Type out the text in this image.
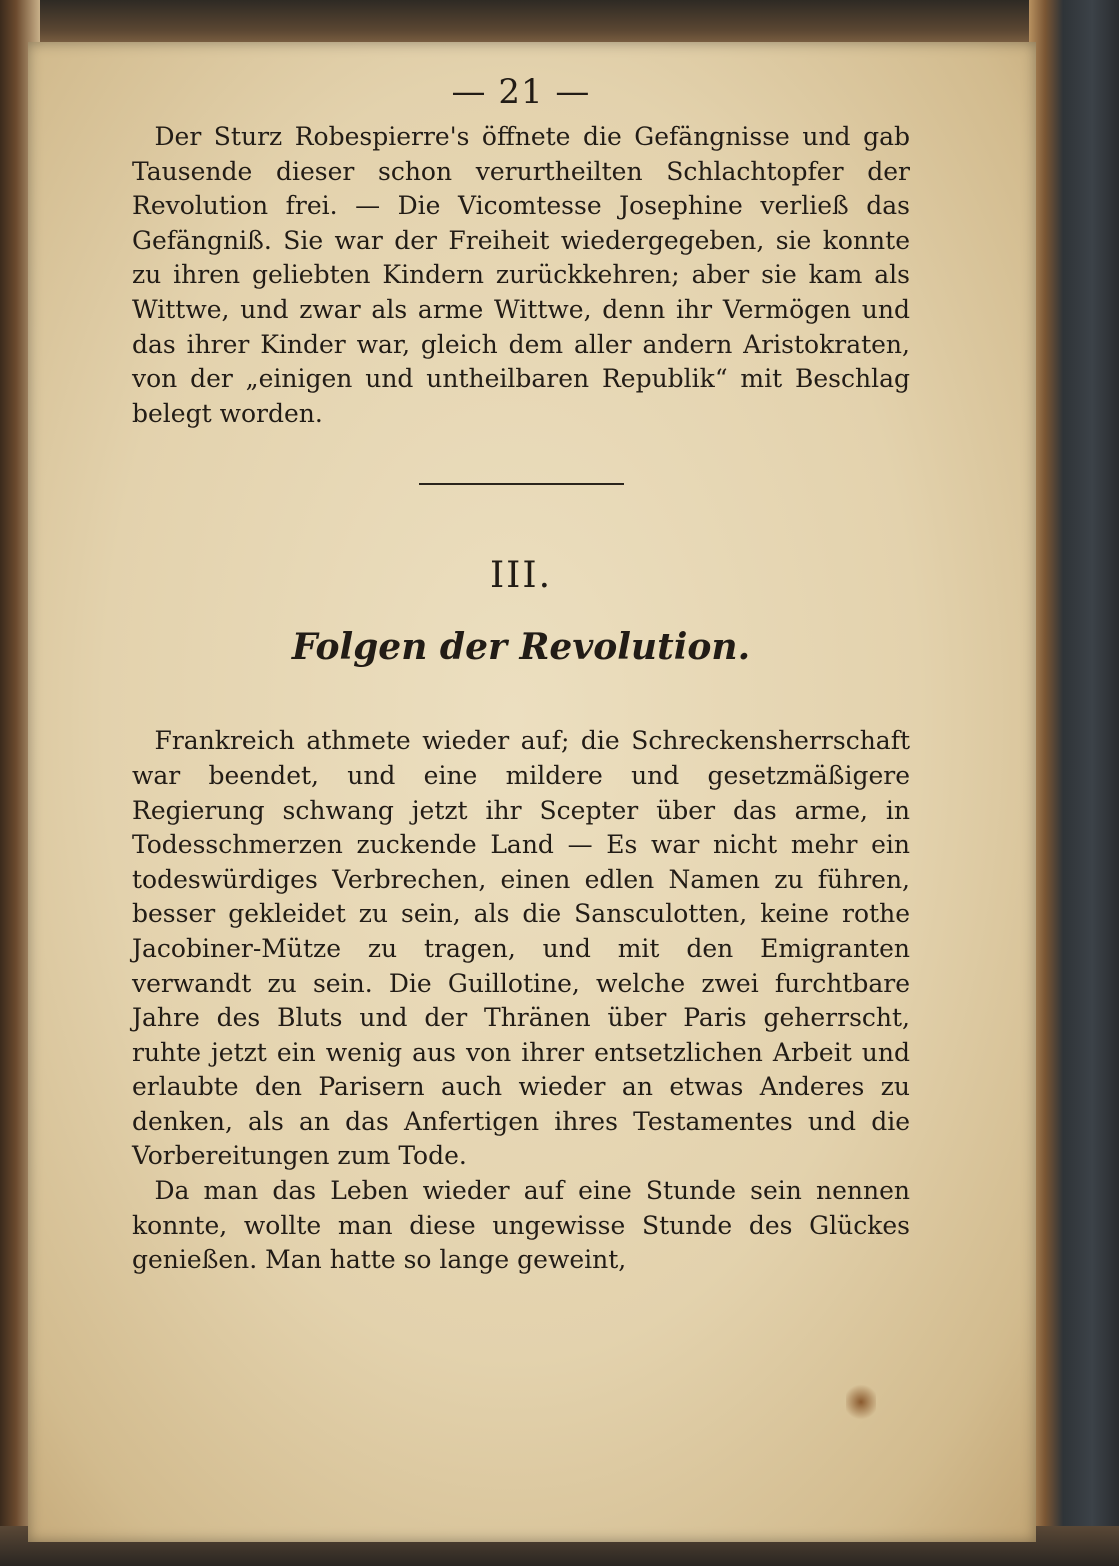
— 21 —

Der Sturz Robespierre's öffnete die Gefängnisse und gab Tausende dieser schon verurtheilten Schlachtopfer der Revolution frei. — Die Vicomtesse Josephine verließ das Gefängniß. Sie war der Freiheit wiedergegeben, sie konnte zu ihren geliebten Kindern zurückkehren; aber sie kam als Wittwe, und zwar als arme Wittwe, denn ihr Vermögen und das ihrer Kinder war, gleich dem aller andern Aristokraten, von der „einigen und untheilbaren Republik“ mit Beschlag belegt worden.

III.
Folgen der Revolution.

Frankreich athmete wieder auf; die Schreckensherrschaft war beendet, und eine mildere und gesetzmäßigere Regierung schwang jetzt ihr Scepter über das arme, in Todesschmerzen zuckende Land — Es war nicht mehr ein todeswürdiges Verbrechen, einen edlen Namen zu führen, besser gekleidet zu sein, als die Sansculotten, keine rothe Jacobiner-Mütze zu tragen, und mit den Emigranten verwandt zu sein. Die Guillotine, welche zwei furchtbare Jahre des Bluts und der Thränen über Paris geherrscht, ruhte jetzt ein wenig aus von ihrer entsetzlichen Arbeit und erlaubte den Parisern auch wieder an etwas Anderes zu denken, als an das Anfertigen ihres Testamentes und die Vorbereitungen zum Tode.

Da man das Leben wieder auf eine Stunde sein nennen konnte, wollte man diese ungewisse Stunde des Glückes genießen. Man hatte so lange geweint,
